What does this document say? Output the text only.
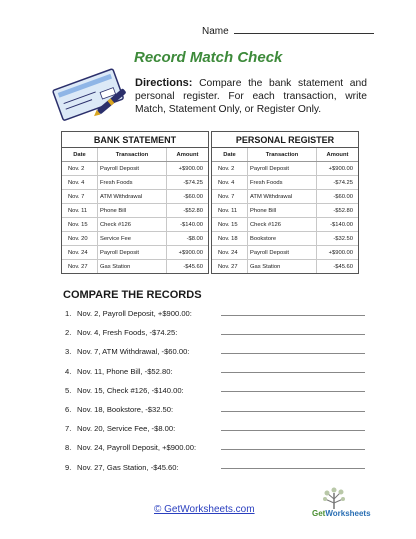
Name
Record Match Check
Directions: Compare the bank statement and personal register. For each transaction, write Match, Statement Only, or Register Only.
BANK STATEMENT
Date	Transaction	Amount
Nov. 2	Payroll Deposit	+$900.00
Nov. 4	Fresh Foods	-$74.25
Nov. 7	ATM Withdrawal	-$60.00
Nov. 11	Phone Bill	-$52.80
Nov. 15	Check #126	-$140.00
Nov. 20	Service Fee	-$8.00
Nov. 24	Payroll Deposit	+$900.00
Nov. 27	Gas Station	-$45.60
PERSONAL REGISTER
Date	Transaction	Amount
Nov. 2	Payroll Deposit	+$900.00
Nov. 4	Fresh Foods	-$74.25
Nov. 7	ATM Withdrawal	-$60.00
Nov. 11	Phone Bill	-$52.80
Nov. 15	Check #126	-$140.00
Nov. 18	Bookstore	-$32.50
Nov. 24	Payroll Deposit	+$900.00
Nov. 27	Gas Station	-$45.60
COMPARE THE RECORDS
1. Nov. 2, Payroll Deposit, +$900.00:
2. Nov. 4, Fresh Foods, -$74.25:
3. Nov. 7, ATM Withdrawal, -$60.00:
4. Nov. 11, Phone Bill, -$52.80:
5. Nov. 15, Check #126, -$140.00:
6. Nov. 18, Bookstore, -$32.50:
7. Nov. 20, Service Fee, -$8.00:
8. Nov. 24, Payroll Deposit, +$900.00:
9. Nov. 27, Gas Station, -$45.60:
© GetWorksheets.com	GetWorksheets
